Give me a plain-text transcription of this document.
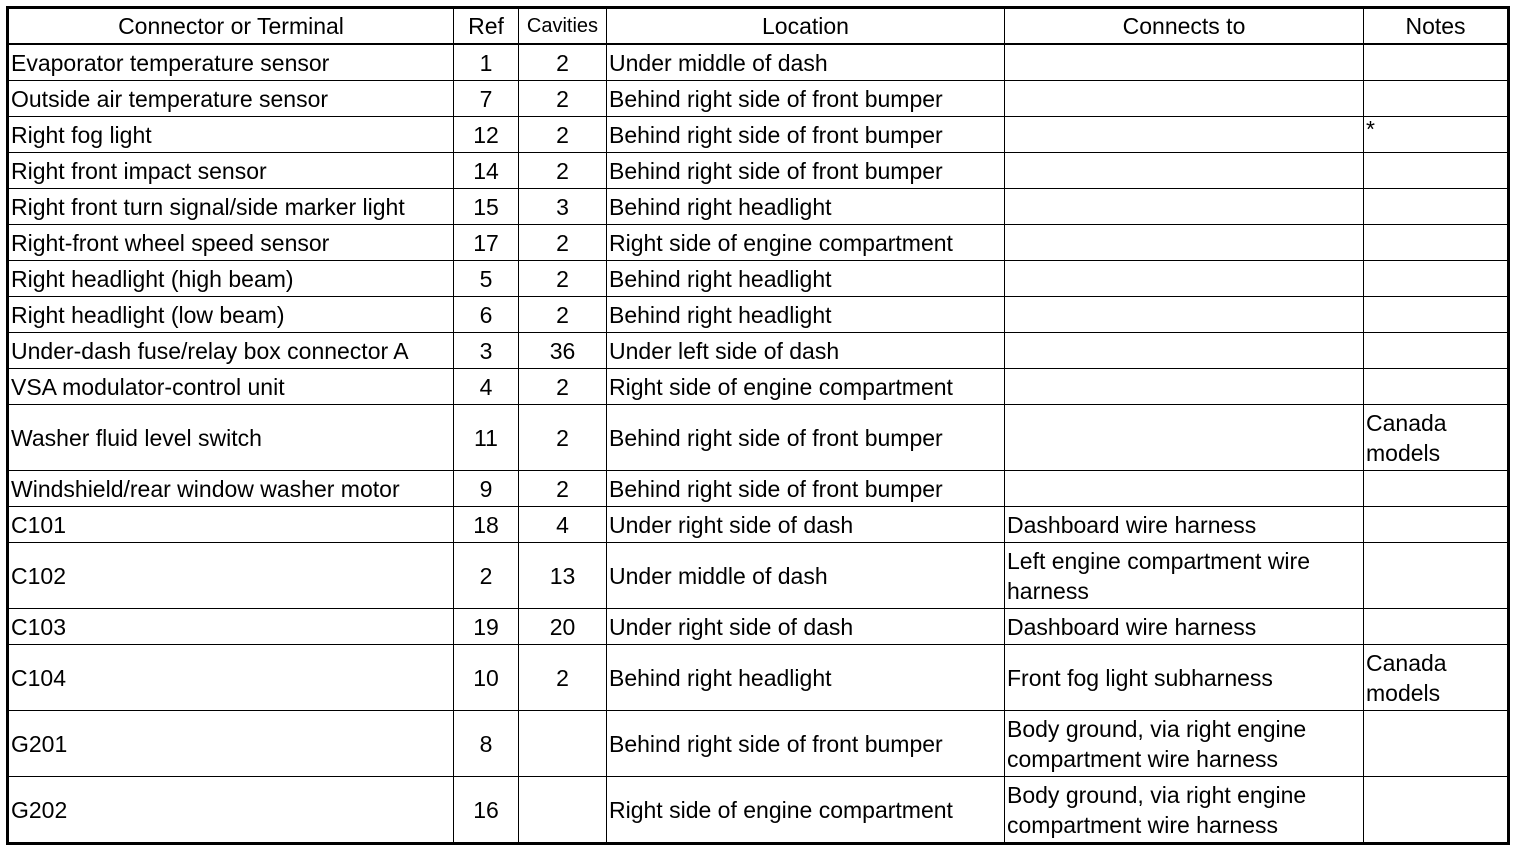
Connector or Terminal	Ref	Cavities	Location	Connects to	Notes
Evaporator temperature sensor	1	2	Under middle of dash		
Outside air temperature sensor	7	2	Behind right side of front bumper		
Right fog light	12	2	Behind right side of front bumper		*
Right front impact sensor	14	2	Behind right side of front bumper		
Right front turn signal/side marker light	15	3	Behind right headlight		
Right-front wheel speed sensor	17	2	Right side of engine compartment		
Right headlight (high beam)	5	2	Behind right headlight		
Right headlight (low beam)	6	2	Behind right headlight		
Under-dash fuse/relay box connector A	3	36	Under left side of dash		
VSA modulator-control unit	4	2	Right side of engine compartment		
Washer fluid level switch	11	2	Behind right side of front bumper		Canada models
Windshield/rear window washer motor	9	2	Behind right side of front bumper		
C101	18	4	Under right side of dash	Dashboard wire harness	
C102	2	13	Under middle of dash	Left engine compartment wire harness	
C103	19	20	Under right side of dash	Dashboard wire harness	
C104	10	2	Behind right headlight	Front fog light subharness	Canada models
G201	8		Behind right side of front bumper	Body ground, via right engine compartment wire harness	
G202	16		Right side of engine compartment	Body ground, via right engine compartment wire harness	
